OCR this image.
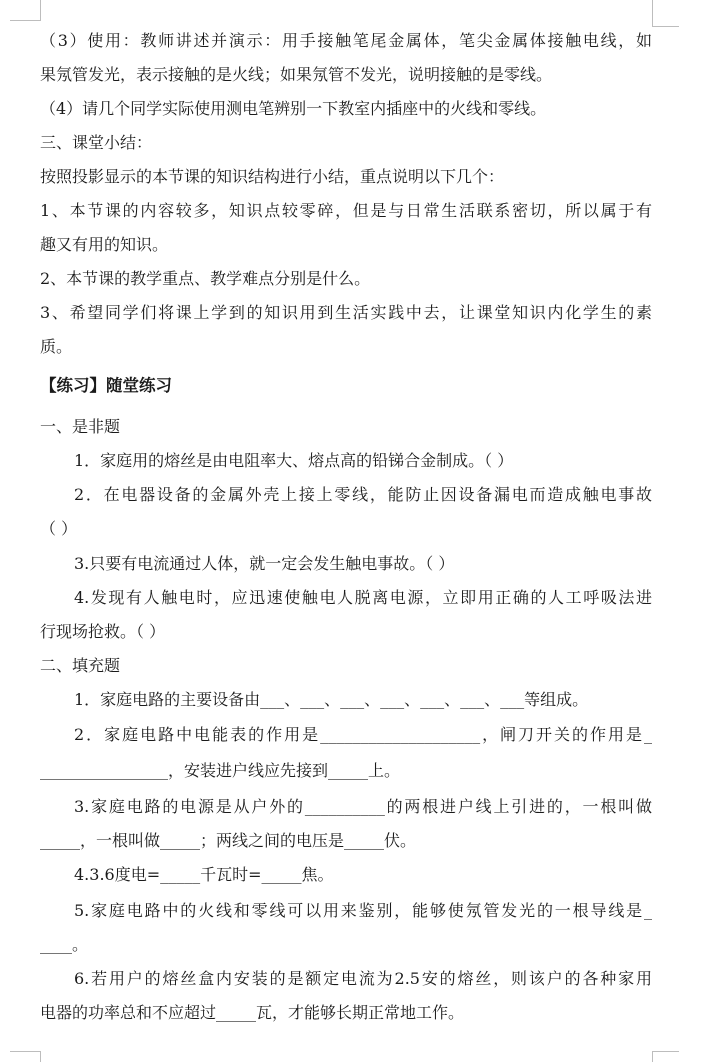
（3）使用：教师讲述并演示：用手接触笔尾金属体，笔尖金属体接触电线，如
果氖管发光，表示接触的是火线；如果氖管不发光，说明接触的是零线。
（4）请几个同学实际使用测电笔辨别一下教室内插座中的火线和零线。
三、课堂小结：
按照投影显示的本节课的知识结构进行小结，重点说明以下几个：
1、本节课的内容较多，知识点较零碎，但是与日常生活联系密切，所以属于有
趣又有用的知识。
2、本节课的教学重点、教学难点分别是什么。
3、希望同学们将课上学到的知识用到生活实践中去，让课堂知识内化学生的素
质。
【练习】随堂练习
一、是非题
1．家庭用的熔丝是由电阻率大、熔点高的铅锑合金制成。（ ）
2．在电器设备的金属外壳上接上零线，能防止因设备漏电而造成触电事故
（ ）
3.只要有电流通过人体，就一定会发生触电事故。（ ）
4.发现有人触电时，应迅速使触电人脱离电源，立即用正确的人工呼吸法进
行现场抢救。（ ）
二、填充题
1．家庭电路的主要设备由___、___、___、___、___、___、___等组成。
2．家庭电路中电能表的作用是____________________，闸刀开关的作用是_
________________，安装进户线应先接到_____上。
3.家庭电路的电源是从户外的__________的两根进户线上引进的，一根叫做
_____，一根叫做_____；两线之间的电压是_____伏。
4.3.6度电=_____千瓦时=_____焦。
5.家庭电路中的火线和零线可以用来鉴别，能够使氖管发光的一根导线是_
____。
6.若用户的熔丝盒内安装的是额定电流为2.5安的熔丝，则该户的各种家用
电器的功率总和不应超过_____瓦，才能够长期正常地工作。
